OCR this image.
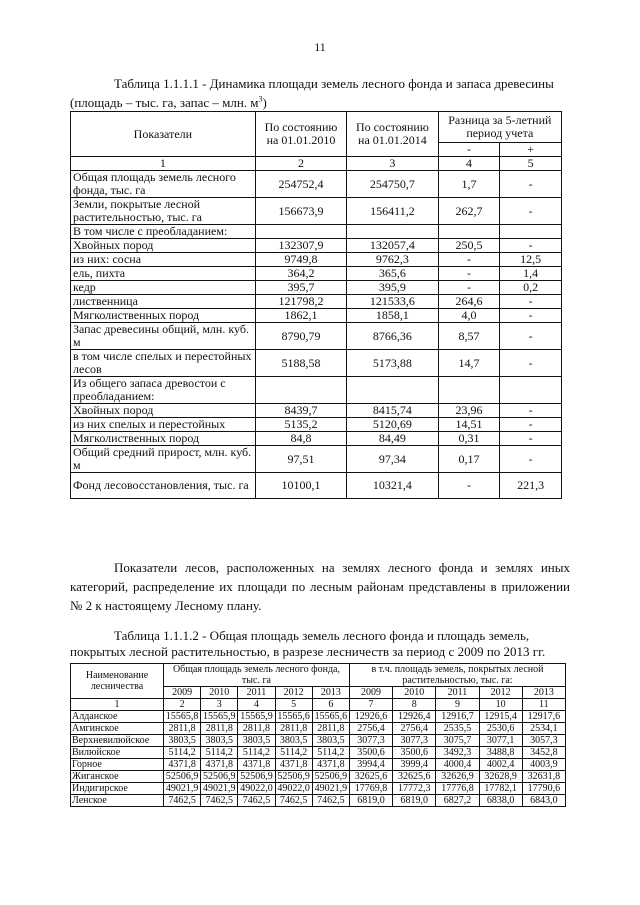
11
Таблица 1.1.1.1 - Динамика площади земель лесного фонда и запаса древесины
(площадь – тыс. га, запас – млн. $м^3$)
Показатели	По состоянию на 01.01.2010	По состоянию на 01.01.2014	Разница за 5-летний период учета	
			-	+
1	2	3	4	5
Общая площадь земель лесного фонда, тыс. га	254752,4	254750,7	1,7	-
Земли, покрытые лесной растительностью, тыс. га	156673,9	156411,2	262,7	-
В том числе с преобладанием:				
Хвойных пород	132307,9	132057,4	250,5	-
из них: сосна	9749,8	9762,3	-	12,5
ель, пихта	364,2	365,6	-	1,4
кедр	395,7	395,9	-	0,2
лиственница	121798,2	121533,6	264,6	-
Мягколиственных пород	1862,1	1858,1	4,0	-
Запас древесины общий, млн. куб. м	8790,79	8766,36	8,57	-
в том числе спелых и перестойных лесов	5188,58	5173,88	14,7	-
Из общего запаса древостои с преобладанием:				
Хвойных пород	8439,7	8415,74	23,96	-
из них спелых и перестойных	5135,2	5120,69	14,51	-
Мягколиственных пород	84,8	84,49	0,31	-
Общий средний прирост, млн. куб. м	97,51	97,34	0,17	-
Фонд лесовосстановления, тыс. га	10100,1	10321,4	-	221,3
Показатели лесов, расположенных на землях лесного фонда и землях иных категорий, распределение их площади по лесным районам представлены в приложении № 2 к настоящему Лесному плану.
Таблица 1.1.1.2 - Общая площадь земель лесного фонда и площадь земель,
покрытых лесной растительностью, в разрезе лесничеств за период с 2009 по 2013 гг.
Наименование лесничества	Общая площадь земель лесного фонда, тыс. га					в т.ч. площадь земель, покрытых лесной растительностью, тыс. га:				
	2009	2010	2011	2012	2013	2009	2010	2011	2012	2013
1	2	3	4	5	6	7	8	9	10	11
Алданское	15565,8	15565,9	15565,9	15565,6	15565,6	12926,6	12926,4	12916,7	12915,4	12917,6
Амгинское	2811,8	2811,8	2811,8	2811,8	2811,8	2756,4	2756,4	2535,5	2530,6	2534,1
Верхневилюйское	3803,5	3803,5	3803,5	3803,5	3803,5	3077,3	3077,3	3075,7	3077,1	3057,3
Вилюйское	5114,2	5114,2	5114,2	5114,2	5114,2	3500,6	3500,6	3492,3	3488,8	3452,8
Горное	4371,8	4371,8	4371,8	4371,8	4371,8	3994,4	3999,4	4000,4	4002,4	4003,9
Жиганское	52506,9	52506,9	52506,9	52506,9	52506,9	32625,6	32625,6	32626,9	32628,9	32631,8
Индигирское	49021,9	49021,9	49022,0	49022,0	49021,9	17769,8	17772,3	17776,8	17782,1	17790,6
Ленское	7462,5	7462,5	7462,5	7462,5	7462,5	6819,0	6819,0	6827,2	6838,0	6843,0
